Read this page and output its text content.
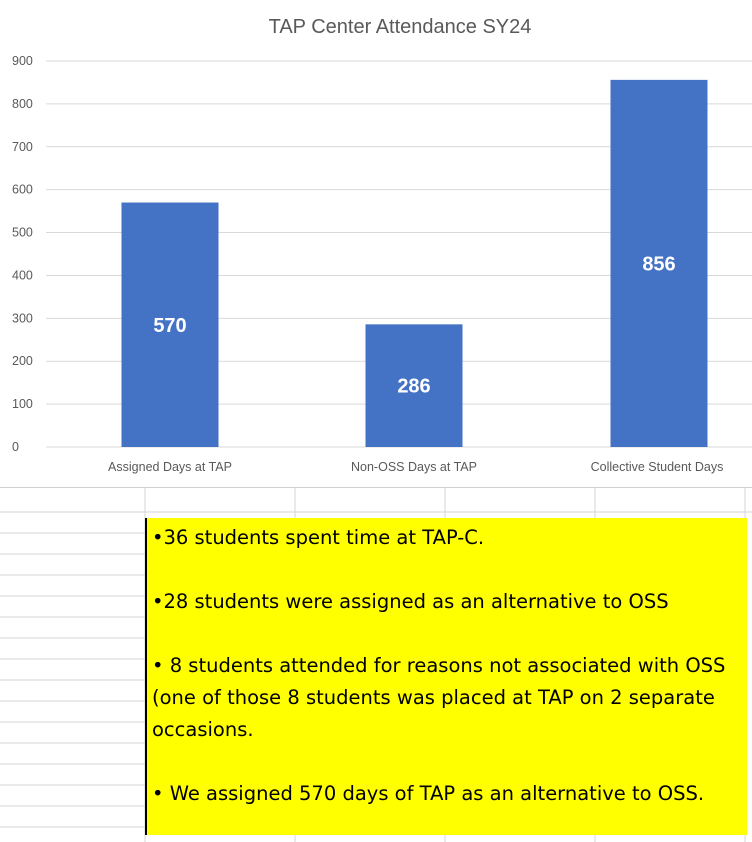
TAP Center Attendance SY24
0
100
200
300
400
500
600
700
800
900
570
286
856
Assigned Days at TAP	Non-OSS Days at TAP	Collective Student Days

•36 students spent time at TAP-C.

•28 students were assigned as an alternative to OSS

• 8 students attended for reasons not associated with OSS (one of those 8 students was placed at TAP on 2 separate occasions.

• We assigned 570 days of TAP as an alternative to OSS.
